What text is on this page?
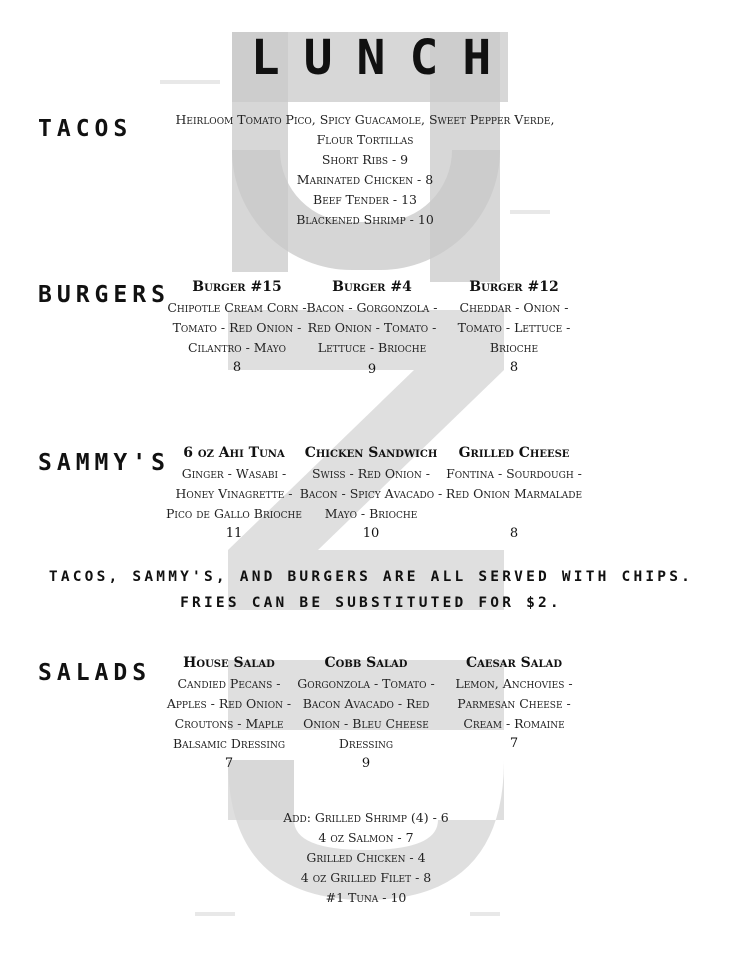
LUNCH
TACOS	Heirloom Tomato Pico, Spicy Guacamole, Sweet Pepper Verde,
Flour Tortillas
Short Ribs - 9
Marinated Chicken - 8
Beef Tender - 13
Blackened Shrimp - 10
BURGERS	Burger #15
Chipotle Cream Corn -
Tomato - Red Onion -
Cilantro - Mayo
8
Burger #4
Bacon - Gorgonzola -
Red Onion - Tomato -
Lettuce - Brioche
9
Burger #12
Cheddar - Onion -
Tomato - Lettuce -
Brioche
8
SAMMY'S 6 oz Ahi Tuna
Ginger - Wasabi -
Honey Vinagrette -
Pico de Gallo Brioche
11
Chicken Sandwich
Swiss - Red Onion -
Bacon - Spicy Avacado -
Mayo - Brioche
10
Grilled Cheese
Fontina - Sourdough -
Red Onion Marmalade
8
TACOS, SAMMY'S, AND BURGERS ARE ALL SERVED WITH CHIPS.
FRIES CAN BE SUBSTITUTED FOR $2.
SALADS	House Salad
Candied Pecans -
Apples - Red Onion -
Croutons - Maple
Balsamic Dressing
7
Cobb Salad
Gorgonzola - Tomato -
Bacon Avacado - Red
Onion - Bleu Cheese
Dressing
9
Caesar Salad
Lemon, Anchovies -
Parmesan Cheese -
Cream - Romaine
7
Add: Grilled Shrimp (4) - 6
4 oz Salmon - 7
Grilled Chicken - 4
4 oz Grilled Filet - 8
#1 Tuna - 10
